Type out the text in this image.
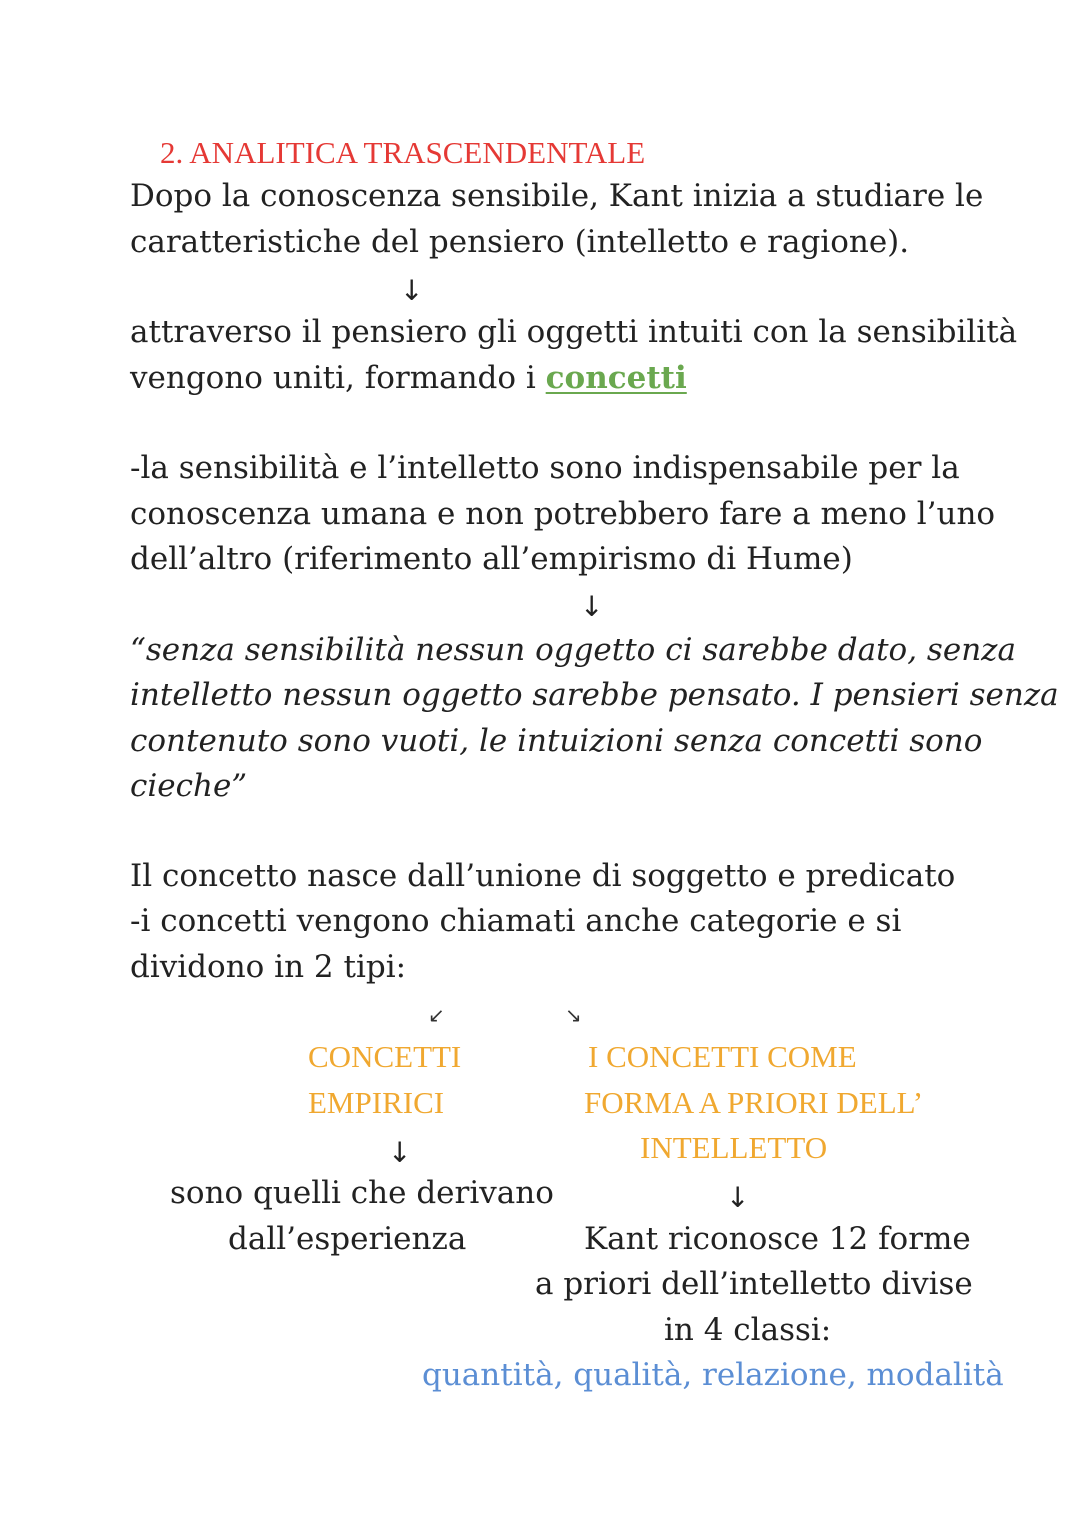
2. ANALITICA TRASCENDENTALE
Dopo la conoscenza sensibile, Kant inizia a studiare le
caratteristiche del pensiero (intelletto e ragione).
↓
attraverso il pensiero gli oggetti intuiti con la sensibilità
vengono uniti, formando i concetti
-la sensibilità e l’intelletto sono indispensabile per la
conoscenza umana e non potrebbero fare a meno l’uno
dell’altro (riferimento all’empirismo di Hume)
↓
“senza sensibilità nessun oggetto ci sarebbe dato, senza
intelletto nessun oggetto sarebbe pensato. I pensieri senza
contenuto sono vuoti, le intuizioni senza concetti sono
cieche”
Il concetto nasce dall’unione di soggetto e predicato
-i concetti vengono chiamati anche categorie e si
dividono in 2 tipi:
↙	↘
CONCETTI
EMPIRICI
↓
sono quelli che derivano
dall’esperienza
I CONCETTI COME
FORMA A PRIORI DELL’
INTELLETTO
↓
Kant riconosce 12 forme
a priori dell’intelletto divise
in 4 classi:
quantità, qualità, relazione, modalità
